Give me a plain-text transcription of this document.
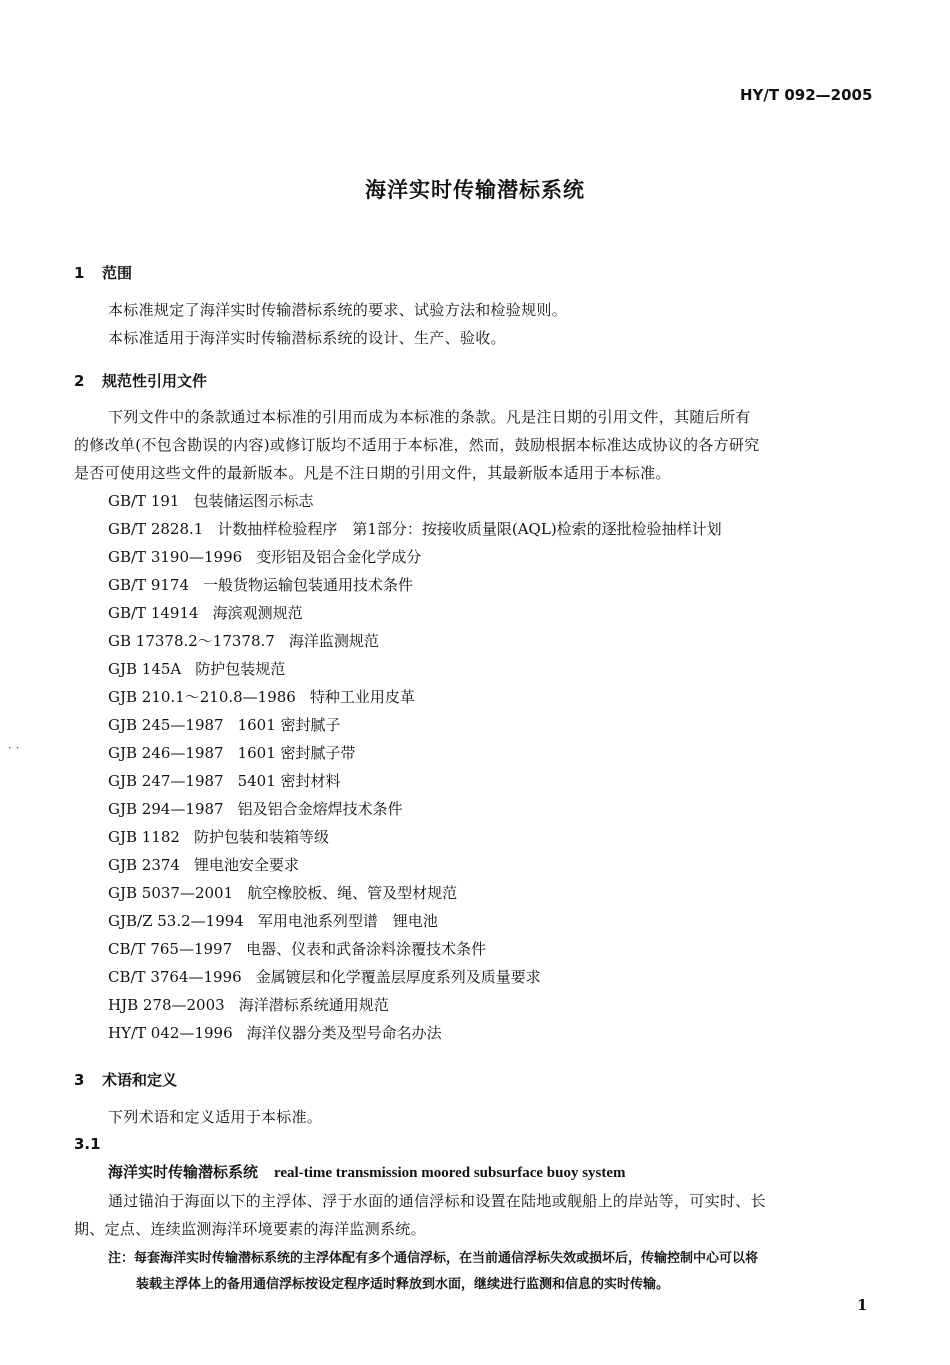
HY/T 092—2005
海洋实时传输潜标系统
1 范围
本标准规定了海洋实时传输潜标系统的要求、试验方法和检验规则。
本标准适用于海洋实时传输潜标系统的设计、生产、验收。
2 规范性引用文件
下列文件中的条款通过本标准的引用而成为本标准的条款。凡是注日期的引用文件，其随后所有
的修改单(不包含勘误的内容)或修订版均不适用于本标准，然而，鼓励根据本标准达成协议的各方研究
是否可使用这些文件的最新版本。凡是不注日期的引用文件，其最新版本适用于本标准。
GB/T 191 包装储运图示标志
GB/T 2828.1 计数抽样检验程序　第1部分：按接收质量限(AQL)检索的逐批检验抽样计划
GB/T 3190—1996 变形铝及铝合金化学成分
GB/T 9174 一般货物运输包装通用技术条件
GB/T 14914 海滨观测规范
GB 17378.2～17378.7 海洋监测规范
GJB 145A 防护包装规范
GJB 210.1～210.8—1986 特种工业用皮革
GJB 245—1987 1601 密封腻子
GJB 246—1987 1601 密封腻子带
GJB 247—1987 5401 密封材料
GJB 294—1987 铝及铝合金熔焊技术条件
GJB 1182 防护包装和装箱等级
GJB 2374 锂电池安全要求
GJB 5037—2001 航空橡胶板、绳、管及型材规范
GJB/Z 53.2—1994 军用电池系列型谱　锂电池
CB/T 765—1997 电器、仪表和武备涂料涂覆技术条件
CB/T 3764—1996 金属镀层和化学覆盖层厚度系列及质量要求
HJB 278—2003 海洋潜标系统通用规范
HY/T 042—1996 海洋仪器分类及型号命名办法
· ·
3 术语和定义
下列术语和定义适用于本标准。
3.1
海洋实时传输潜标系统 real-time transmission moored subsurface buoy system
通过锚泊于海面以下的主浮体、浮于水面的通信浮标和设置在陆地或舰船上的岸站等，可实时、长
期、定点、连续监测海洋环境要素的海洋监测系统。
注：每套海洋实时传输潜标系统的主浮体配有多个通信浮标，在当前通信浮标失效或损坏后，传输控制中心可以将
装载主浮体上的备用通信浮标按设定程序适时释放到水面，继续进行监测和信息的实时传输。
1
